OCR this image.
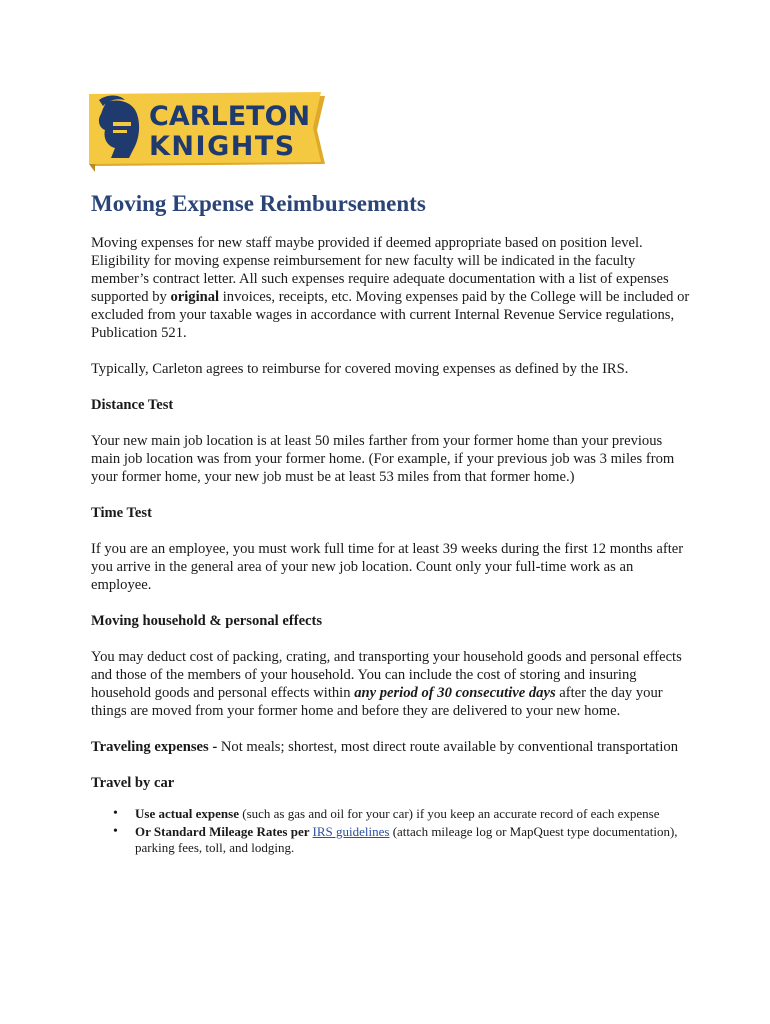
CARLETON
KNIGHTS
Moving Expense Reimbursements

Moving expenses for new staff maybe provided if deemed appropriate based on position level. Eligibility for moving expense reimbursement for new faculty will be indicated in the faculty member’s contract letter. All such expenses require adequate documentation with a list of expenses supported by original invoices, receipts, etc. Moving expenses paid by the College will be included or excluded from your taxable wages in accordance with current Internal Revenue Service regulations, Publication 521.

Typically, Carleton agrees to reimburse for covered moving expenses as defined by the IRS.

Distance Test

Your new main job location is at least 50 miles farther from your former home than your previous main job location was from your former home. (For example, if your previous job was 3 miles from your former home, your new job must be at least 53 miles from that former home.)

Time Test

If you are an employee, you must work full time for at least 39 weeks during the first 12 months after you arrive in the general area of your new job location. Count only your full-time work as an employee.

Moving household & personal effects

You may deduct cost of packing, crating, and transporting your household goods and personal effects and those of the members of your household. You can include the cost of storing and insuring household goods and personal effects within any period of 30 consecutive days after the day your things are moved from your former home and before they are delivered to your new home.

Traveling expenses - Not meals; shortest, most direct route available by conventional transportation

Travel by car

• Use actual expense (such as gas and oil for your car) if you keep an accurate record of each expense
• Or Standard Mileage Rates per IRS guidelines (attach mileage log or MapQuest type documentation), parking fees, toll, and lodging.
